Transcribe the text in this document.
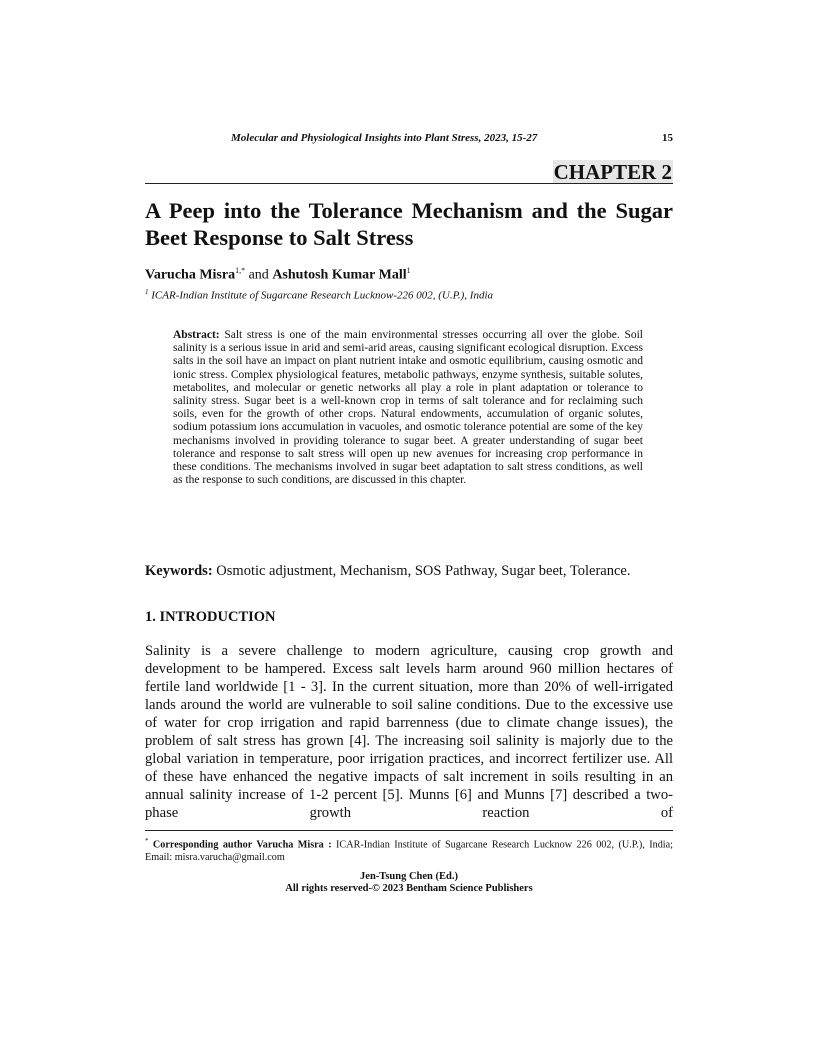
Molecular and Physiological Insights into Plant Stress, 2023, 15-27	15
CHAPTER 2
A Peep into the Tolerance Mechanism and the Sugar Beet Response to Salt Stress
Varucha Misra$^{1,*}$ and Ashutosh Kumar Mall$^1$
$^1$ ICAR-Indian Institute of Sugarcane Research Lucknow-226 002, (U.P.), India

Abstract: Salt stress is one of the main environmental stresses occurring all over the globe. Soil salinity is a serious issue in arid and semi-arid areas, causing significant ecological disruption. Excess salts in the soil have an impact on plant nutrient intake and osmotic equilibrium, causing osmotic and ionic stress. Complex physiological features, metabolic pathways, enzyme synthesis, suitable solutes, metabolites, and molecular or genetic networks all play a role in plant adaptation or tolerance to salinity stress. Sugar beet is a well-known crop in terms of salt tolerance and for reclaiming such soils, even for the growth of other crops. Natural endowments, accumulation of organic solutes, sodium potassium ions accumulation in vacuoles, and osmotic tolerance potential are some of the key mechanisms involved in providing tolerance to sugar beet. A greater understanding of sugar beet tolerance and response to salt stress will open up new avenues for increasing crop performance in these conditions. The mechanisms involved in sugar beet adaptation to salt stress conditions, as well as the response to such conditions, are discussed in this chapter.

Keywords: Osmotic adjustment, Mechanism, SOS Pathway, Sugar beet, Tolerance.

1. INTRODUCTION

Salinity is a severe challenge to modern agriculture, causing crop growth and development to be hampered. Excess salt levels harm around 960 million hectares of fertile land worldwide [1 - 3]. In the current situation, more than 20% of well-irrigated lands around the world are vulnerable to soil saline conditions. Due to the excessive use of water for crop irrigation and rapid barrenness (due to climate change issues), the problem of salt stress has grown [4]. The increasing soil salinity is majorly due to the global variation in temperature, poor irrigation practices, and incorrect fertilizer use. All of these have enhanced the negative impacts of salt increment in soils resulting in an annual salinity increase of 1-2 percent [5]. Munns [6] and Munns [7] described a two-phase growth reaction of

* Corresponding author Varucha Misra : ICAR-Indian Institute of Sugarcane Research Lucknow 226 002, (U.P.), India; Email: misra.varucha@gmail.com

Jen-Tsung Chen (Ed.)
All rights reserved-© 2023 Bentham Science Publishers
